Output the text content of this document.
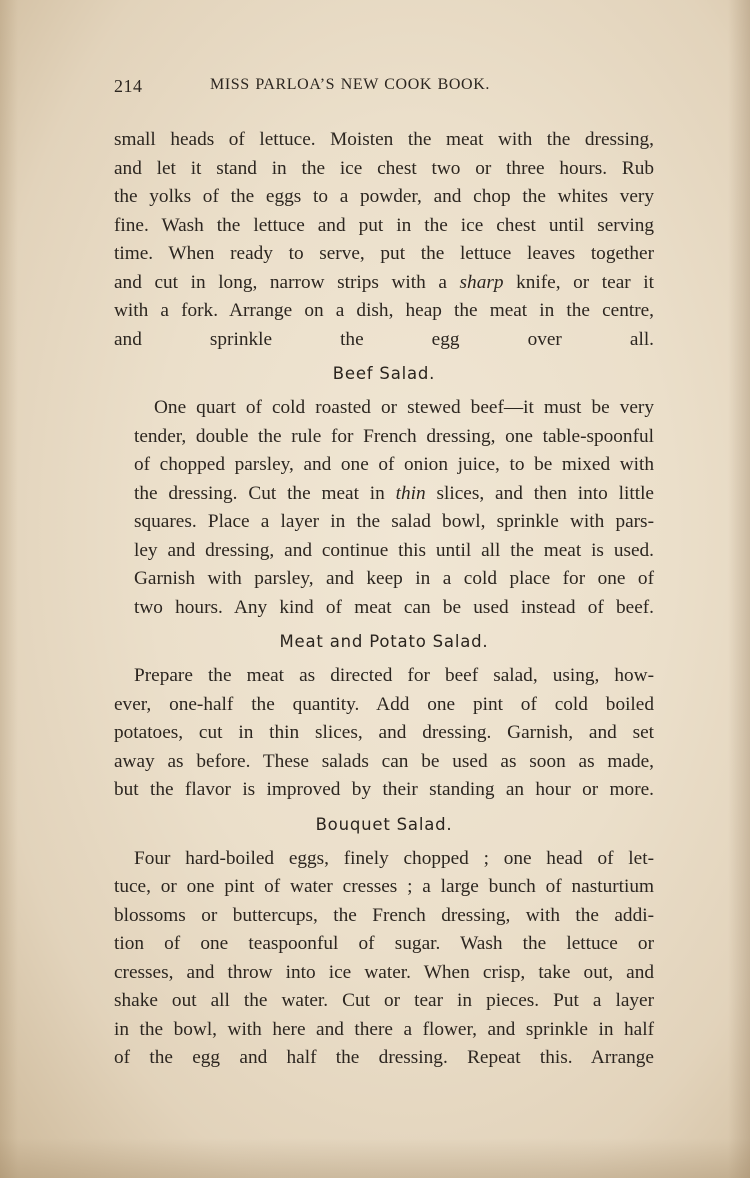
214	MISS PARLOA’S NEW COOK BOOK.
small heads of lettuce. Moisten the meat with the dressing,
and let it stand in the ice chest two or three hours. Rub
the yolks of the eggs to a powder, and chop the whites very
fine. Wash the lettuce and put in the ice chest until serving
time. When ready to serve, put the lettuce leaves together
and cut in long, narrow strips with a sharp knife, or tear it
with a fork. Arrange on a dish, heap the meat in the centre,
and sprinkle the egg over all.
Beef Salad.
One quart of cold roasted or stewed beef—it must be very
tender, double the rule for French dressing, one table-spoonful
of chopped parsley, and one of onion juice, to be mixed with
the dressing. Cut the meat in thin slices, and then into little
squares. Place a layer in the salad bowl, sprinkle with pars-
ley and dressing, and continue this until all the meat is used.
Garnish with parsley, and keep in a cold place for one of
two hours. Any kind of meat can be used instead of beef.
Meat and Potato Salad.
Prepare the meat as directed for beef salad, using, how-
ever, one-half the quantity. Add one pint of cold boiled
potatoes, cut in thin slices, and dressing. Garnish, and set
away as before. These salads can be used as soon as made,
but the flavor is improved by their standing an hour or more.
Bouquet Salad.
Four hard-boiled eggs, finely chopped ; one head of let-
tuce, or one pint of water cresses ; a large bunch of nasturtium
blossoms or buttercups, the French dressing, with the addi-
tion of one teaspoonful of sugar. Wash the lettuce or
cresses, and throw into ice water. When crisp, take out, and
shake out all the water. Cut or tear in pieces. Put a layer
in the bowl, with here and there a flower, and sprinkle in half
of the egg and half the dressing. Repeat this. Arrange
